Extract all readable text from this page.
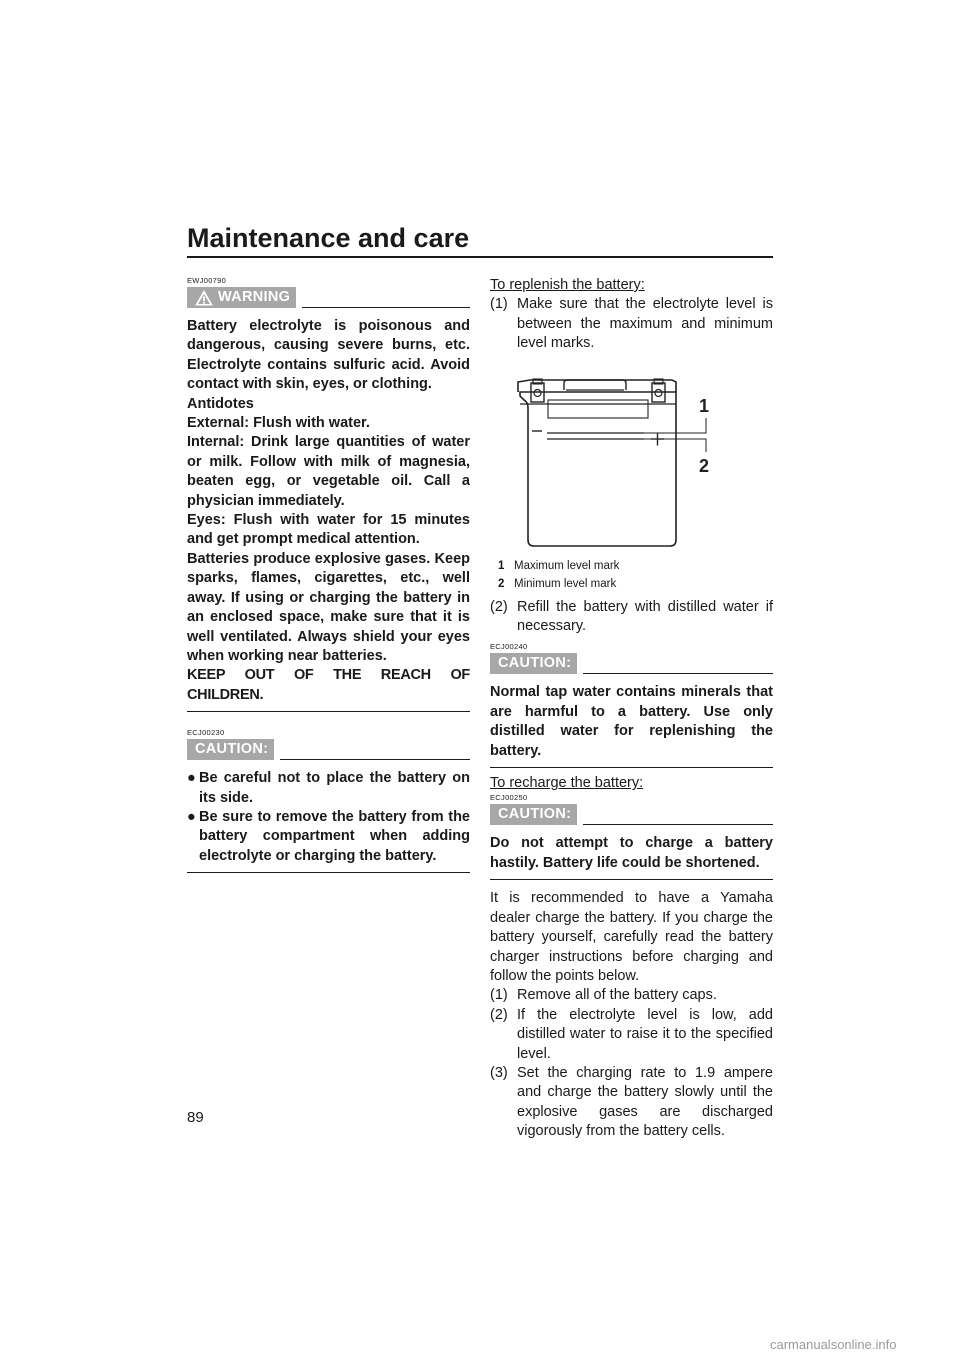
Maintenance and care
EWJ00790
WARNING

Battery electrolyte is poisonous and dangerous, causing severe burns, etc. Electrolyte contains sulfuric acid. Avoid contact with skin, eyes, or clothing.

Antidotes

External: Flush with water.

Internal: Drink large quantities of water or milk. Follow with milk of magnesia, beaten egg, or vegetable oil. Call a physician immediately.

Eyes: Flush with water for 15 minutes and get prompt medical attention.

Batteries produce explosive gases. Keep sparks, flames, cigarettes, etc., well away. If using or charging the battery in an enclosed space, make sure that it is well ventilated. Always shield your eyes when working near batteries.

KEEP OUT OF THE REACH OF CHILDREN.

ECJ00230
CAUTION:
● Be careful not to place the battery on its side.
● Be sure to remove the battery from the battery compartment when adding electrolyte or charging the battery.

To replenish the battery:

(1) Make sure that the electrolyte level is between the maximum and minimum level marks.
1
2
1 Maximum level mark
2 Minimum level mark
(2) Refill the battery with distilled water if necessary.
ECJ00240
CAUTION:

Normal tap water contains minerals that are harmful to a battery. Use only distilled water for replenishing the battery.

To recharge the battery:

ECJ00250
CAUTION:

Do not attempt to charge a battery hastily. Battery life could be shortened.

It is recommended to have a Yamaha dealer charge the battery. If you charge the battery yourself, carefully read the battery charger instructions before charging and follow the points below.

(1) Remove all of the battery caps.
(2) If the electrolyte level is low, add distilled water to raise it to the specified level.
(3) Set the charging rate to 1.9 ampere and charge the battery slowly until the explosive gases are discharged vigorously from the battery cells.
89
carmanualsonline.info
